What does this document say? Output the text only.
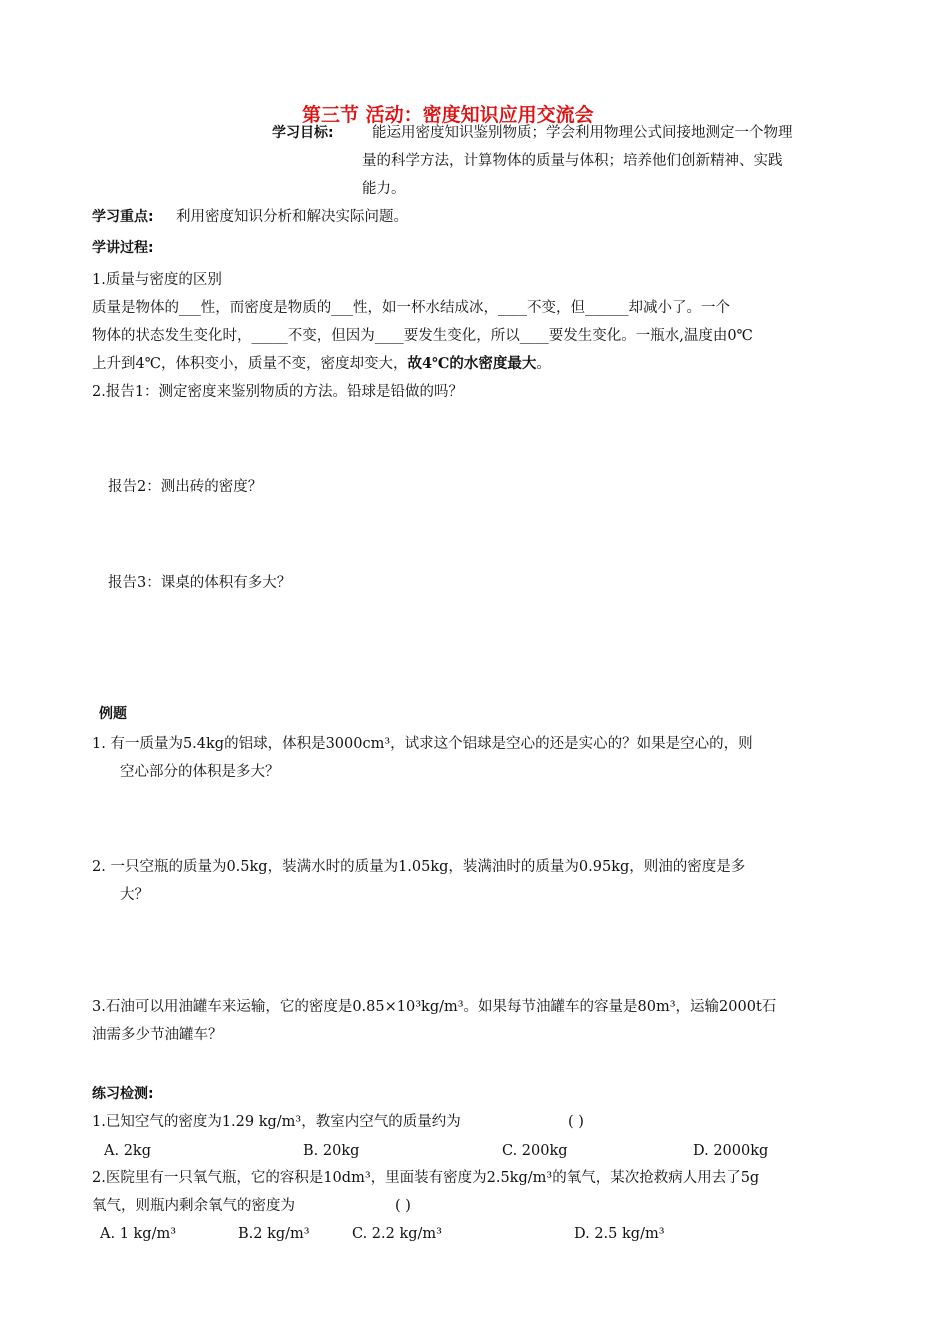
第三节 活动：密度知识应用交流会
学习目标:	能运用密度知识鉴别物质；学会利用物理公式间接地测定一个物理
量的科学方法，计算物体的质量与体积；培养他们创新精神、实践
能力。
学习重点: 利用密度知识分析和解决实际问题。
学讲过程:
1.质量与密度的区别
质量是物体的___性，而密度是物质的___性，如一杯水结成冰，____不变，但______却减小了。一个
物体的状态发生变化时，_____不变，但因为____要发生变化，所以____要发生变化。一瓶水,温度由0℃
上升到4℃，体积变小，质量不变，密度却变大，故4℃的水密度最大。
2.报告1：测定密度来鉴别物质的方法。铅球是铅做的吗？
报告2：测出砖的密度？
报告3：课桌的体积有多大？
例题
1. 有一质量为5.4kg的铝球，体积是3000cm³，试求这个铝球是空心的还是实心的？如果是空心的，则
空心部分的体积是多大？
2. 一只空瓶的质量为0.5kg，装满水时的质量为1.05kg，装满油时的质量为0.95kg，则油的密度是多
大？
3.石油可以用油罐车来运输，它的密度是0.85×10³kg/m³。如果每节油罐车的容量是80m³，运输2000t石
油需多少节油罐车？
练习检测:
1.已知空气的密度为1.29 kg/m³，教室内空气的质量约为	( )
A. 2kg	B. 20kg	C. 200kg	D. 2000kg
2.医院里有一只氧气瓶，它的容积是10dm³，里面装有密度为2.5kg/m³的氧气，某次抢救病人用去了5g
氧气，则瓶内剩余氧气的密度为	( )
A. 1 kg/m³	B.2 kg/m³	C. 2.2 kg/m³	D. 2.5 kg/m³
